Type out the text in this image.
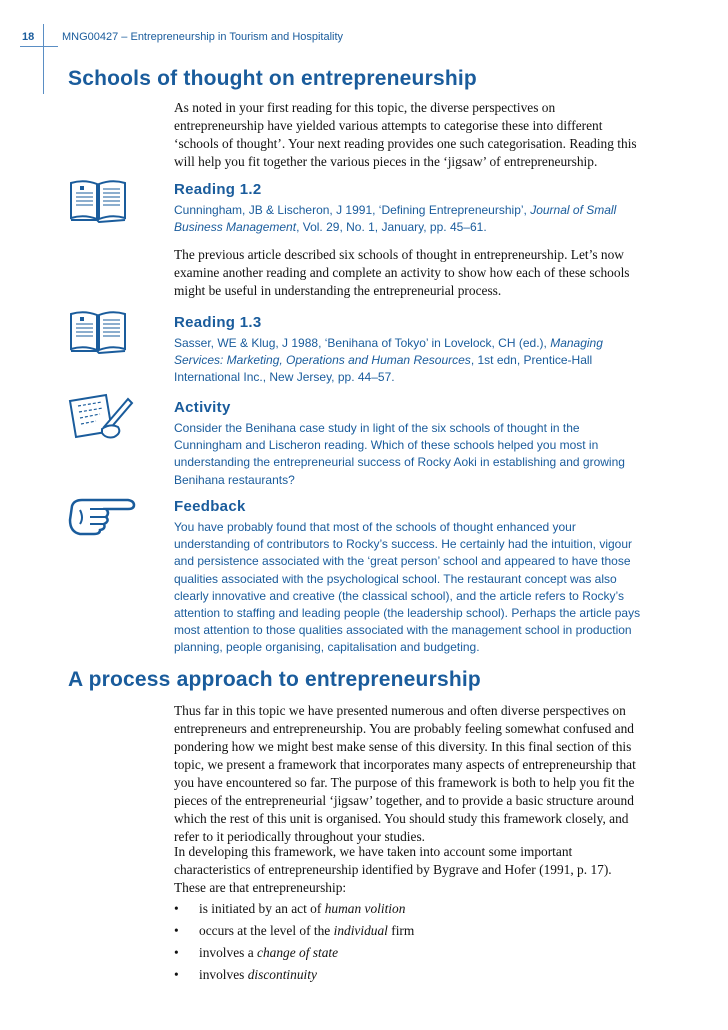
18	MNG00427 – Entrepreneurship in Tourism and Hospitality
Schools of thought on entrepreneurship
As noted in your first reading for this topic, the diverse perspectives on entrepreneurship have yielded various attempts to categorise these into different ‘schools of thought’. Your next reading provides one such categorisation. Reading this will help you fit together the various pieces in the ‘jigsaw’ of entrepreneurship.
Reading 1.2
Cunningham, JB & Lischeron, J 1991, ‘Defining Entrepreneurship’, Journal of Small Business Management, Vol. 29, No. 1, January, pp. 45–61.
The previous article described six schools of thought in entrepreneurship. Let’s now examine another reading and complete an activity to show how each of these schools might be useful in understanding the entrepreneurial process.
Reading 1.3
Sasser, WE & Klug, J 1988, ‘Benihana of Tokyo’ in Lovelock, CH (ed.), Managing Services: Marketing, Operations and Human Resources, 1st edn, Prentice-Hall International Inc., New Jersey, pp. 44–57.
Activity
Consider the Benihana case study in light of the six schools of thought in the Cunningham and Lischeron reading. Which of these schools helped you most in understanding the entrepreneurial success of Rocky Aoki in establishing and growing Benihana restaurants?
Feedback
You have probably found that most of the schools of thought enhanced your understanding of contributors to Rocky’s success. He certainly had the intuition, vigour and persistence associated with the ‘great person’ school and appeared to have those qualities associated with the psychological school. The restaurant concept was also clearly innovative and creative (the classical school), and the article refers to Rocky’s attention to staffing and leading people (the leadership school). Perhaps the article pays most attention to those qualities associated with the management school in production planning, people organising, capitalisation and budgeting.
A process approach to entrepreneurship
Thus far in this topic we have presented numerous and often diverse perspectives on entrepreneurs and entrepreneurship. You are probably feeling somewhat confused and pondering how we might best make sense of this diversity. In this final section of this topic, we present a framework that incorporates many aspects of entrepreneurship that you have encountered so far. The purpose of this framework is both to help you fit the pieces of the entrepreneurial ‘jigsaw’ together, and to provide a basic structure around which the rest of this unit is organised. You should study this framework closely, and refer to it periodically throughout your studies.
In developing this framework, we have taken into account some important characteristics of entrepreneurship identified by Bygrave and Hofer (1991, p. 17). These are that entrepreneurship:
• is initiated by an act of human volition
• occurs at the level of the individual firm
• involves a change of state
• involves discontinuity
